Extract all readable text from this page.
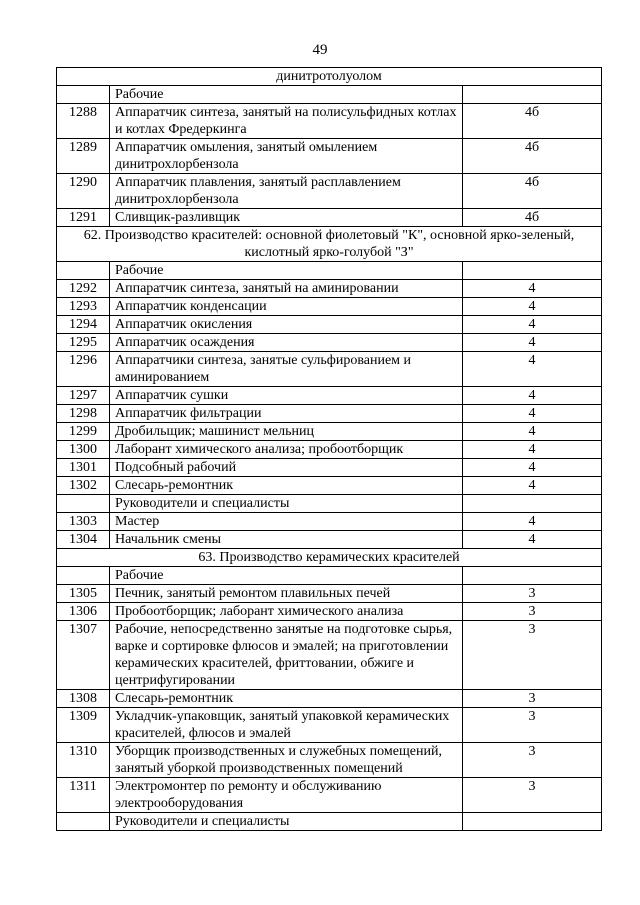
49
динитротолуолом		
	Рабочие	
1288	Аппаратчик синтеза, занятый на полисульфидных котлах и котлах Фредеркинга	4б
1289	Аппаратчик омыления, занятый омылением динитрохлорбензола	4б
1290	Аппаратчик плавления, занятый расплавлением динитрохлорбензола	4б
1291	Сливщик-разливщик	4б
62. Производство красителей: основной фиолетовый "К", основной ярко-зеленый, кислотный ярко-голубой "З"		
	Рабочие	
1292	Аппаратчик синтеза, занятый на аминировании	4
1293	Аппаратчик конденсации	4
1294	Аппаратчик окисления	4
1295	Аппаратчик осаждения	4
1296	Аппаратчики синтеза, занятые сульфированием и аминированием	4
1297	Аппаратчик сушки	4
1298	Аппаратчик фильтрации	4
1299	Дробильщик; машинист мельниц	4
1300	Лаборант химического анализа; пробоотборщик	4
1301	Подсобный рабочий	4
1302	Слесарь-ремонтник	4
	Руководители и специалисты	
1303	Мастер	4
1304	Начальник смены	4
63. Производство керамических красителей		
	Рабочие	
1305	Печник, занятый ремонтом плавильных печей	3
1306	Пробоотборщик; лаборант химического анализа	3
1307	Рабочие, непосредственно занятые на подготовке сырья, варке и сортировке флюсов и эмалей; на приготовлении керамических красителей, фриттовании, обжиге и центрифугировании	3
1308	Слесарь-ремонтник	3
1309	Укладчик-упаковщик, занятый упаковкой керамических красителей, флюсов и эмалей	3
1310	Уборщик производственных и служебных помещений, занятый уборкой производственных помещений	3
1311	Электромонтер по ремонту и обслуживанию электрооборудования	3
	Руководители и специалисты	
